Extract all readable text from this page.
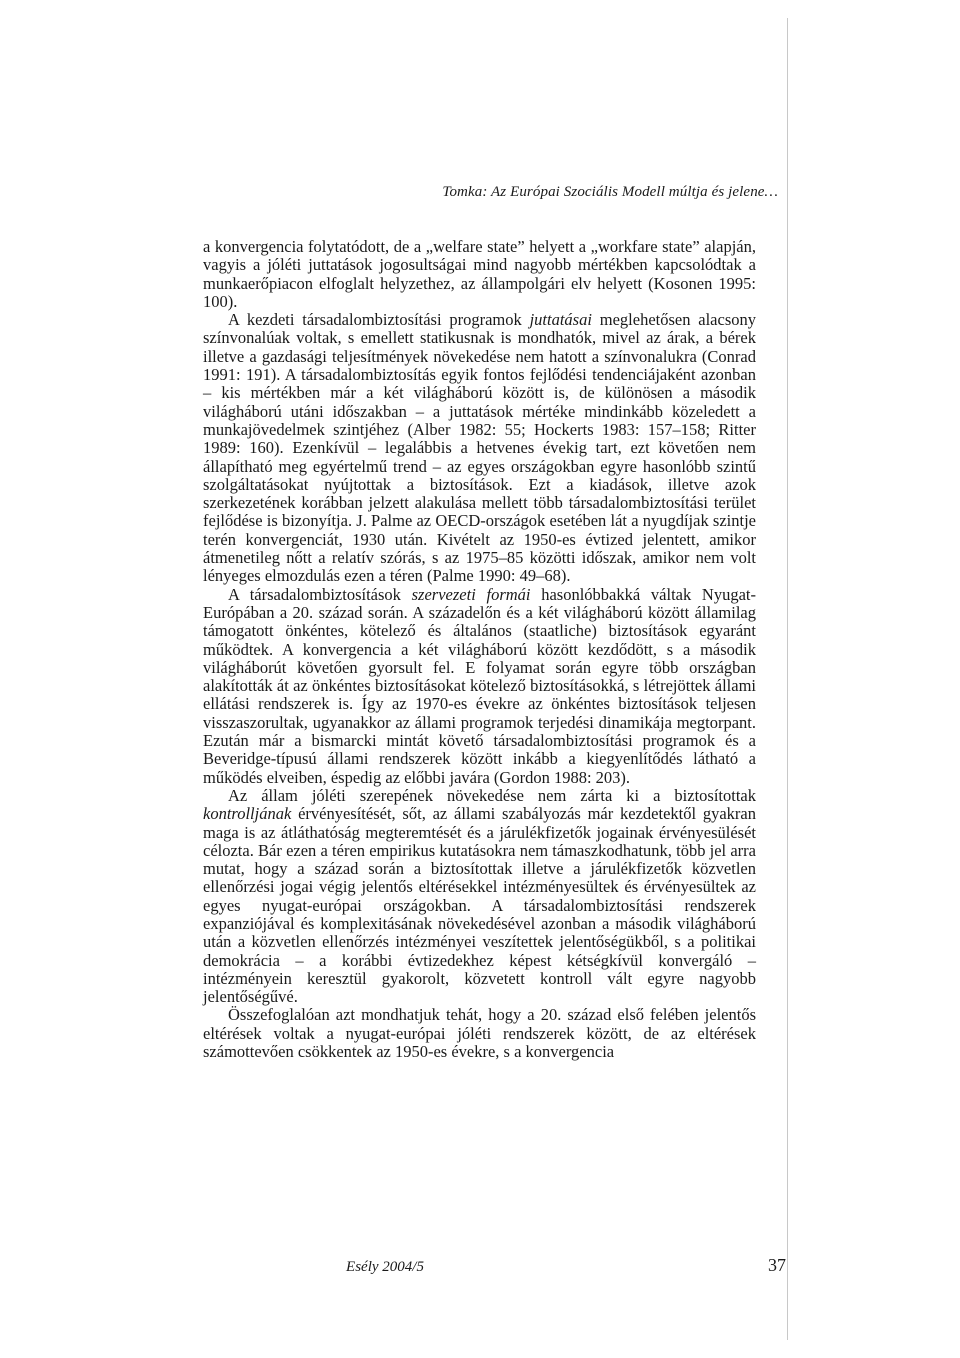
Tomka: Az Európai Szociális Modell múltja és jelene…

a konvergencia folytatódott, de a „welfare state” helyett a „workfare state” alapján, vagyis a jóléti juttatások jogosultságai mind nagyobb mértékben kapcsolódtak a munkaerőpiacon elfoglalt helyzethez, az állampolgári elv helyett (Kosonen 1995: 100).

A kezdeti társadalombiztosítási programok juttatásai meglehetősen alacsony színvonalúak voltak, s emellett statikusnak is mondhatók, mivel az árak, a bérek illetve a gazdasági teljesítmények növekedése nem hatott a színvonalukra (Conrad 1991: 191). A társadalombiztosítás egyik fontos fejlődési tendenciájaként azonban – kis mértékben már a két világháború között is, de különösen a második világháború utáni időszakban – a juttatások mértéke mindinkább közeledett a munkajövedelmek szintjéhez (Alber 1982: 55; Hockerts 1983: 157–158; Ritter 1989: 160). Ezenkívül – legalábbis a hetvenes évekig tart, ezt követően nem állapítható meg egyértelmű trend – az egyes országokban egyre hasonlóbb szintű szolgáltatásokat nyújtottak a biztosítások. Ezt a kiadások, illetve azok szerkezetének korábban jelzett alakulása mellett több társadalombiztosítási terület fejlődése is bizonyítja. J. Palme az OECD-országok esetében lát a nyugdíjak szintje terén konvergenciát, 1930 után. Kivételt az 1950-es évtized jelentett, amikor átmenetileg nőtt a relatív szórás, s az 1975–85 közötti időszak, amikor nem volt lényeges elmozdulás ezen a téren (Palme 1990: 49–68).

A társadalombiztosítások szervezeti formái hasonlóbbakká váltak Nyugat-Európában a 20. század során. A századelőn és a két világháború között államilag támogatott önkéntes, kötelező és általános (staatliche) biztosítások egyaránt működtek. A konvergencia a két világháború között kezdődött, s a második világháborút követően gyorsult fel. E folyamat során egyre több országban alakították át az önkéntes biztosításokat kötelező biztosításokká, s létrejöttek állami ellátási rendszerek is. Így az 1970-es évekre az önkéntes biztosítások teljesen visszaszorultak, ugyanakkor az állami programok terjedési dinamikája megtorpant. Ezután már a bismarcki mintát követő társadalombiztosítási programok és a Beveridge-típusú állami rendszerek között inkább a kiegyenlítődés látható a működés elveiben, éspedig az előbbi javára (Gordon 1988: 203).

Az állam jóléti szerepének növekedése nem zárta ki a biztosítottak kontrolljának érvényesítését, sőt, az állami szabályozás már kezdetektől gyakran maga is az átláthatóság megteremtését és a járulékfizetők jogainak érvényesülését célozta. Bár ezen a téren empirikus kutatásokra nem támaszkodhatunk, több jel arra mutat, hogy a század során a biztosítottak illetve a járulékfizetők közvetlen ellenőrzési jogai végig jelentős eltérésekkel intézményesültek és érvényesültek az egyes nyugat-európai országokban. A társadalombiztosítási rendszerek expanziójával és komplexitásának növekedésével azonban a második világháború után a közvetlen ellenőrzés intézményei veszítettek jelentőségükből, s a politikai demokrácia – a korábbi évtizedekhez képest kétségkívül konvergáló – intézményein keresztül gyakorolt, közvetett kontroll vált egyre nagyobb jelentőségűvé.

Összefoglalóan azt mondhatjuk tehát, hogy a 20. század első felében jelentős eltérések voltak a nyugat-európai jóléti rendszerek között, de az eltérések számottevően csökkentek az 1950-es évekre, s a konvergencia

Esély 2004/5	37
